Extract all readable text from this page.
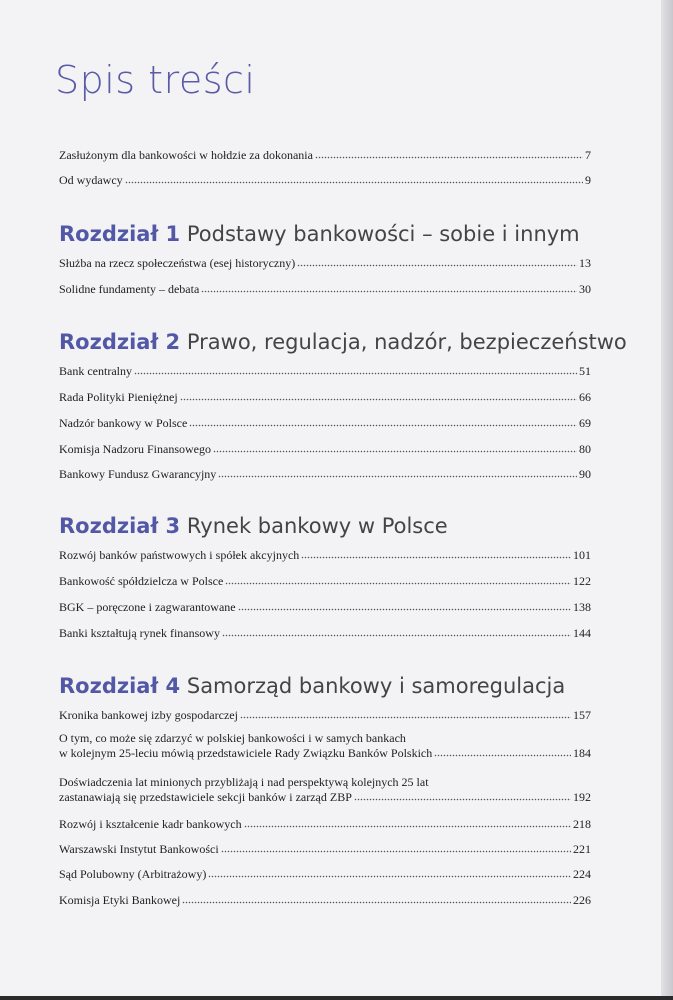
Spis treści
Zasłużonym dla bankowości w hołdzie za dokonania	7
Od wydawcy	9
Rozdział 1 Podstawy bankowości – sobie i innym
Służba na rzecz społeczeństwa (esej historyczny)	13
Solidne fundamenty – debata	30
Rozdział 2 Prawo, regulacja, nadzór, bezpieczeństwo
Bank centralny	51
Rada Polityki Pieniężnej	66
Nadzór bankowy w Polsce	69
Komisja Nadzoru Finansowego	80
Bankowy Fundusz Gwarancyjny	90
Rozdział 3 Rynek bankowy w Polsce
Rozwój banków państwowych i spółek akcyjnych	101
Bankowość spółdzielcza w Polsce	122
BGK – poręczone i zagwarantowane	138
Banki kształtują rynek finansowy	144
Rozdział 4 Samorząd bankowy i samoregulacja
Kronika bankowej izby gospodarczej	157
O tym, co może się zdarzyć w polskiej bankowości i w samych bankach
w kolejnym 25-leciu mówią przedstawiciele Rady Związku Banków Polskich	184
Doświadczenia lat minionych przybliżają i nad perspektywą kolejnych 25 lat
zastanawiają się przedstawiciele sekcji banków i zarząd ZBP	192
Rozwój i kształcenie kadr bankowych	218
Warszawski Instytut Bankowości	221
Sąd Polubowny (Arbitrażowy)	224
Komisja Etyki Bankowej	226
